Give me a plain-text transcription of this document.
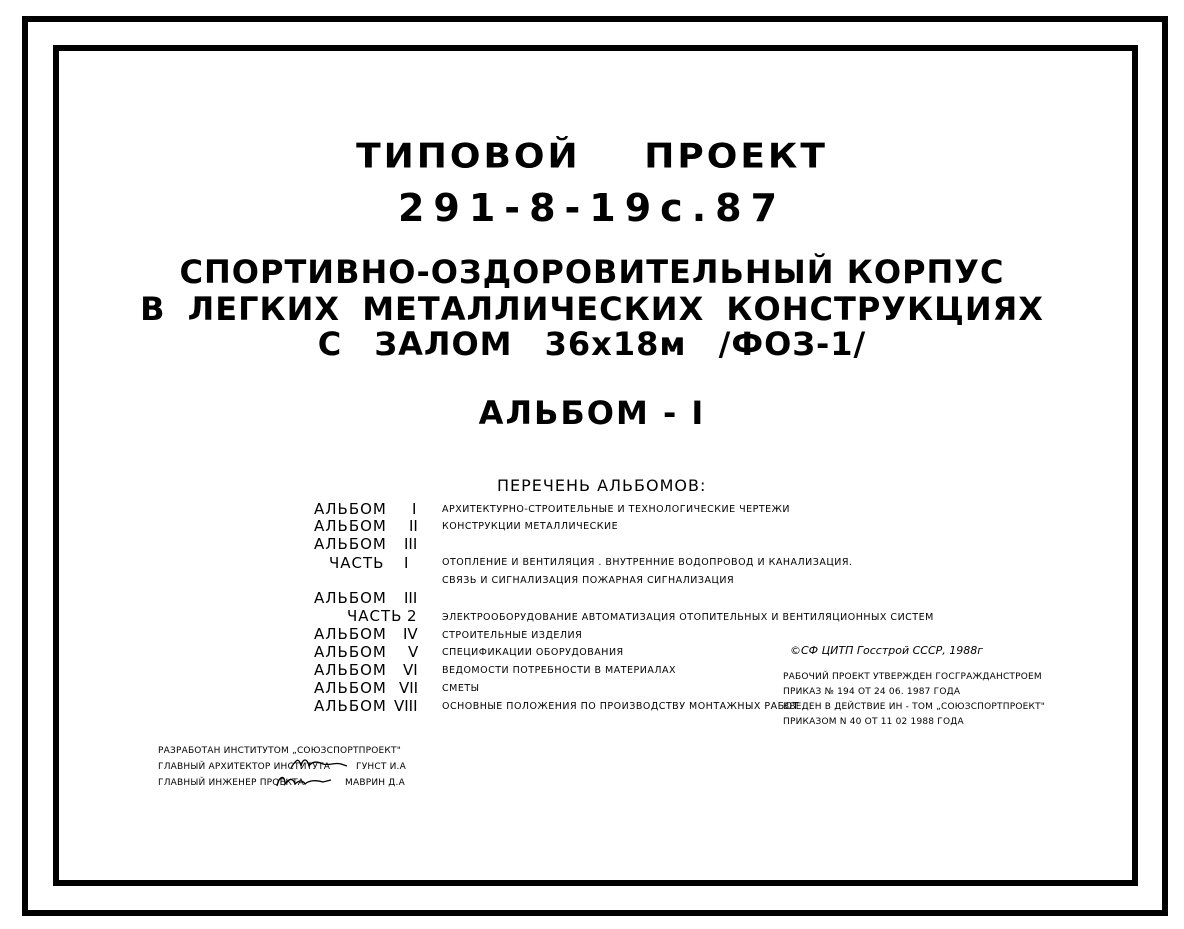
ТИПОВОЙ ПРОЕКТ
291-8-19с.87
СПОРТИВНО-ОЗДОРОВИТЕЛЬНЫЙ КОРПУС
В ЛЕГКИХ МЕТАЛЛИЧЕСКИХ КОНСТРУКЦИЯХ
С ЗАЛОМ 36х18м /ФОЗ-1/
АЛЬБОМ - I
ПЕРЕЧЕНЬ АЛЬБОМОВ:
АЛЬБОМ I	АРХИТЕКТУРНО-СТРОИТЕЛЬНЫЕ И ТЕХНОЛОГИЧЕСКИЕ ЧЕРТЕЖИ
АЛЬБОМ II	КОНСТРУКЦИИ МЕТАЛЛИЧЕСКИЕ
АЛЬБОМ III
ЧАСТЬ I	ОТОПЛЕНИЕ И ВЕНТИЛЯЦИЯ . ВНУТРЕННИЕ ВОДОПРОВОД И КАНАЛИЗАЦИЯ.
СВЯЗЬ И СИГНАЛИЗАЦИЯ ПОЖАРНАЯ СИГНАЛИЗАЦИЯ
АЛЬБОМ III
ЧАСТЬ 2	ЭЛЕКТРООБОРУДОВАНИЕ АВТОМАТИЗАЦИЯ ОТОПИТЕЛЬНЫХ И ВЕНТИЛЯЦИОННЫХ СИСТЕМ
АЛЬБОМ IV	СТРОИТЕЛЬНЫЕ ИЗДЕЛИЯ
АЛЬБОМ V СПЕЦИФИКАЦИИ ОБОРУДОВАНИЯ
АЛЬБОМ VI	ВЕДОМОСТИ ПОТРЕБНОСТИ В МАТЕРИАЛАХ
АЛЬБОМ VII	СМЕТЫ
АЛЬБОМ VIII	ОСНОВНЫЕ ПОЛОЖЕНИЯ ПО ПРОИЗВОДСТВУ МОНТАЖНЫХ РАБОТ
©СФ ЦИТП Госстрой СССР, 1988г
РАБОЧИЙ ПРОЕКТ УТВЕРЖДЕН ГОСГРАЖДАНСТРОЕМ
ПРИКАЗ № 194 ОТ 24 06. 1987 ГОДА
ВВЕДЕН В ДЕЙСТВИЕ ИН - ТОМ „СОЮЗСПОРТПРОЕКТ"
ПРИКАЗОМ N 40 ОТ 11 02 1988 ГОДА
РАЗРАБОТАН ИНСТИТУТОМ „СОЮЗСПОРТПРОЕКТ"
ГЛАВНЫЙ АРХИТЕКТОР ИНСТИТУТА	ГУНСТ И.А
ГЛАВНЫЙ ИНЖЕНЕР ПРОЕКТА	МАВРИН Д.А
